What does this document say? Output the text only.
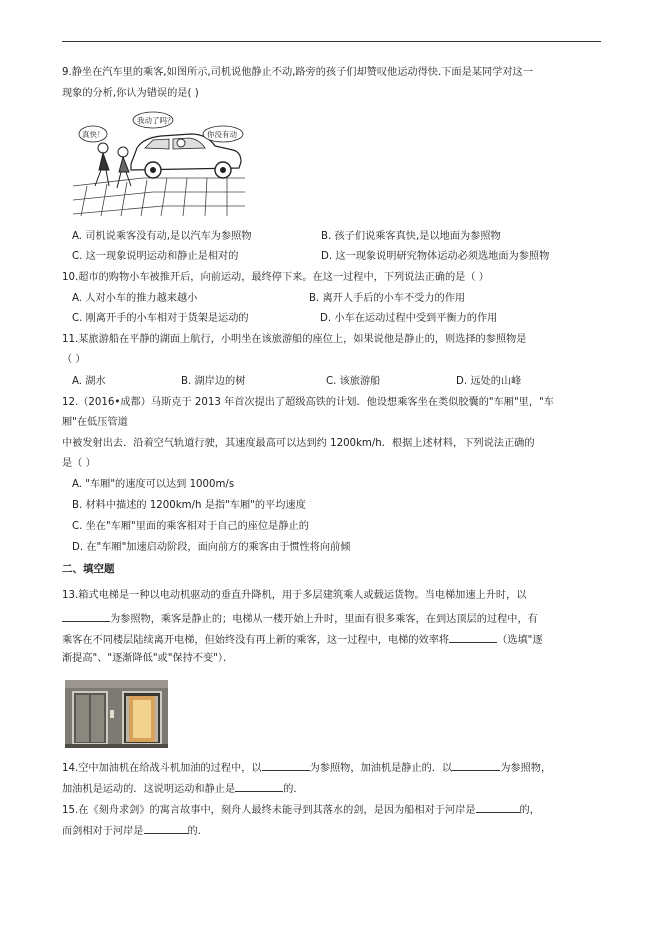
9.静坐在汽车里的乘客,如图所示,司机说他静止不动,路旁的孩子们却赞叹他运动得快.下面是某同学对这一
现象的分析,你认为错误的是( )
我动了吗？
真快！	你没有动
A. 司机说乘客没有动,是以汽车为参照物	B. 孩子们说乘客真快,是以地面为参照物
C. 这一现象说明运动和静止是相对的	D. 这一现象说明研究物体运动必须选地面为参照物
10.超市的购物小车被推开后，向前运动，最终停下来。在这一过程中，下列说法正确的是（ ）
A. 人对小车的推力越来越小	B. 离开人手后的小车不受力的作用
C. 刚离开手的小车相对于货架是运动的	D. 小车在运动过程中受到平衡力的作用
11.某旅游船在平静的湖面上航行，小明坐在该旅游船的座位上，如果说他是静止的，则选择的参照物是
（ ）
A. 湖水	B. 湖岸边的树	C. 该旅游船	D. 远处的山峰
12.（2016•成都）马斯克于 2013 年首次提出了超级高铁的计划．他设想乘客坐在类似胶囊的"车厢"里，"车
厢"在低压管道
中被发射出去．沿着空气轨道行驶，其速度最高可以达到约 1200km/h．根据上述材料，下列说法正确的
是（ ）
A. "车厢"的速度可以达到 1000m/s
B. 材料中描述的 1200km/h 是指"车厢"的平均速度
C. 坐在"车厢"里面的乘客相对于自己的座位是静止的
D. 在"车厢"加速启动阶段，面向前方的乘客由于惯性将向前倾
二、填空题
13.箱式电梯是一种以电动机驱动的垂直升降机，用于多层建筑乘人或载运货物。当电梯加速上升时，以
为参照物，乘客是静止的；电梯从一楼开始上升时，里面有很多乘客，在到达顶层的过程中，有
乘客在不同楼层陆续离开电梯，但始终没有再上新的乘客，这一过程中，电梯的效率将	（选填"逐
渐提高"、"逐渐降低"或"保持不变"）．
14.空中加油机在给战斗机加油的过程中，以	为参照物，加油机是静止的．以	为参照物，
加油机是运动的．这说明运动和静止是	的．
15.在《刻舟求剑》的寓言故事中，刻舟人最终未能寻到其落水的剑，是因为船相对于河岸是	的，
而剑相对于河岸是	的.
